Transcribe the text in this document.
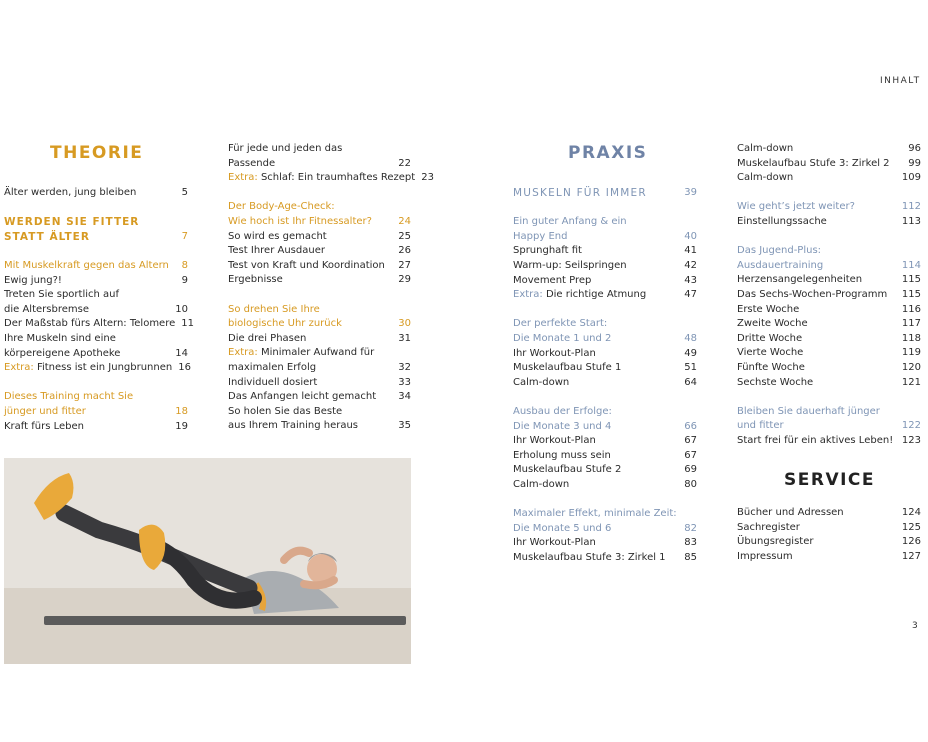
INHALT
THEORIE	PRAXIS
SERVICE
Älter werden, jung bleiben	5
WERDEN SIE FITTER
STATT ÄLTER	7
Mit Muskelkraft gegen das Altern	8
Ewig jung?!	9
Treten Sie sportlich auf
die Altersbremse	10
Der Maßstab fürs Altern: Telomere 11
Ihre Muskeln sind eine
körpereigene Apotheke	14
Extra: Fitness ist ein Jungbrunnen 16
Dieses Training macht Sie
jünger und fitter	18
Kraft fürs Leben	19
Für jede und jeden das
Passende	22
Extra: Schlaf: Ein traumhaftes Rezept 23
Der Body-Age-Check:
Wie hoch ist Ihr Fitnessalter?	24
So wird es gemacht	25
Test Ihrer Ausdauer	26
Test von Kraft und Koordination	27
Ergebnisse	29
So drehen Sie Ihre
biologische Uhr zurück	30
Die drei Phasen	31
Extra: Minimaler Aufwand für
maximalen Erfolg	32
Individuell dosiert	33
Das Anfangen leicht gemacht	34
So holen Sie das Beste
aus Ihrem Training heraus	35
MUSKELN FÜR IMMER	39
Ein guter Anfang & ein
Happy End	40
Sprunghaft fit	41
Warm-up: Seilspringen	42
Movement Prep	43
Extra: Die richtige Atmung	47
Der perfekte Start:
Die Monate 1 und 2	48
Ihr Workout-Plan	49
Muskelaufbau Stufe 1	51
Calm-down	64
Ausbau der Erfolge:
Die Monate 3 und 4	66
Ihr Workout-Plan	67
Erholung muss sein	67
Muskelaufbau Stufe 2	69
Calm-down	80
Maximaler Effekt, minimale Zeit:
Die Monate 5 und 6	82
Ihr Workout-Plan	83
Muskelaufbau Stufe 3: Zirkel 1	85
Calm-down	96
Muskelaufbau Stufe 3: Zirkel 2	99
Calm-down	109
Wie geht’s jetzt weiter?	112
Einstellungssache	113
Das Jugend-Plus:
Ausdauertraining	114
Herzensangelegenheiten	115
Das Sechs-Wochen-Programm	115
Erste Woche	116
Zweite Woche	117
Dritte Woche	118
Vierte Woche	119
Fünfte Woche	120
Sechste Woche	121
Bleiben Sie dauerhaft jünger
und fitter	122
Start frei für ein aktives Leben! 123
Bücher und Adressen	124
Sachregister	125
Übungsregister	126
Impressum	127
3
